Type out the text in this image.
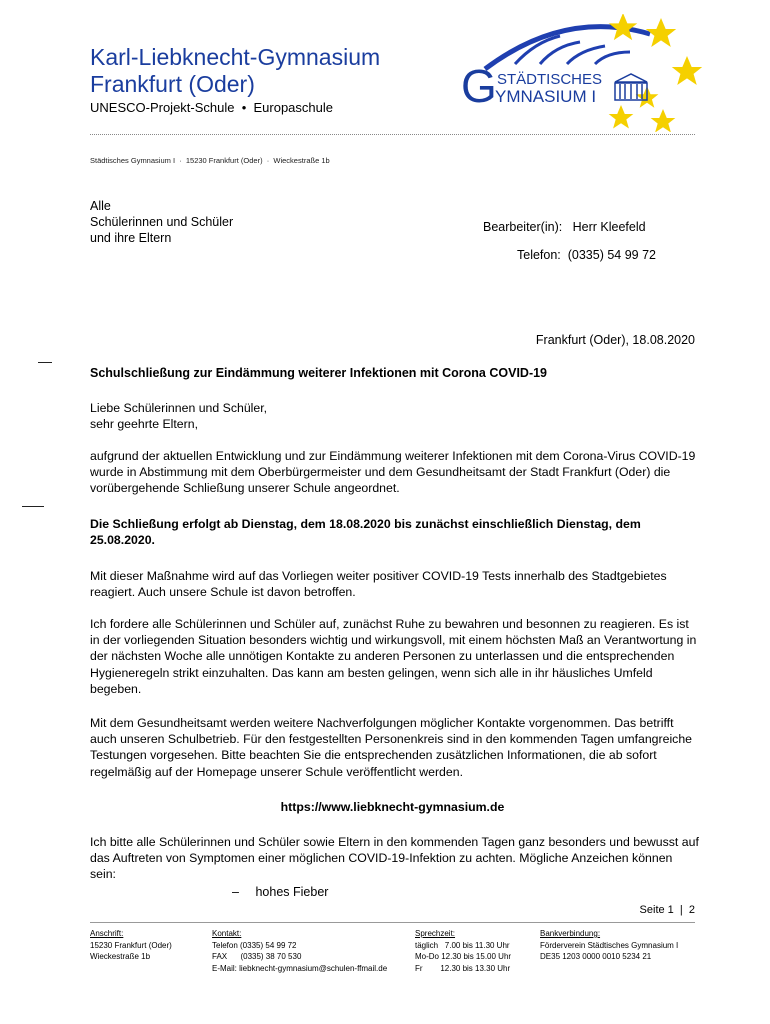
Karl-Liebknecht-Gymnasium
Frankfurt (Oder)
UNESCO-Projekt-Schule  •  Europaschule	G STÄDTISCHES
YMNASIUM I
Städtisches Gymnasium I  ·  15230 Frankfurt (Oder)  ·  Wieckestraße 1b
Alle
Schülerinnen und Schüler
und ihre Eltern
Bearbeiter(in):   Herr Kleefeld
Telefon:  (0335) 54 99 72
Frankfurt (Oder), 18.08.2020
Schulschließung zur Eindämmung weiterer Infektionen mit Corona COVID-19

Liebe Schülerinnen und Schüler,
sehr geehrte Eltern,

aufgrund der aktuellen Entwicklung und zur Eindämmung weiterer Infektionen mit dem Corona-Virus COVID-19 wurde in Abstimmung mit dem Oberbürgermeister und dem Gesundheitsamt der Stadt Frankfurt (Oder) die vorübergehende Schließung unserer Schule angeordnet.

Die Schließung erfolgt ab Dienstag, dem 18.08.2020 bis zunächst einschließlich Dienstag, dem 25.08.2020.

Mit dieser Maßnahme wird auf das Vorliegen weiter positiver COVID-19 Tests innerhalb des Stadtgebietes reagiert. Auch unsere Schule ist davon betroffen.

Ich fordere alle Schülerinnen und Schüler auf, zunächst Ruhe zu bewahren und besonnen zu reagieren. Es ist in der vorliegenden Situation besonders wichtig und wirkungsvoll, mit einem höchsten Maß an Verantwortung in der nächsten Woche alle unnötigen Kontakte zu anderen Personen zu unterlassen und die entsprechenden Hygieneregeln strikt einzuhalten. Das kann am besten gelingen, wenn sich alle in ihr häusliches Umfeld begeben.

Mit dem Gesundheitsamt werden weitere Nachverfolgungen möglicher Kontakte vorgenommen. Das betrifft auch unseren Schulbetrieb. Für den festgestellten Personenkreis sind in den kommenden Tagen umfangreiche Testungen vorgesehen. Bitte beachten Sie die entsprechenden zusätzlichen Informationen, die ab sofort regelmäßig auf der Homepage unserer Schule veröffentlicht werden.

https://www.liebknecht-gymnasium.de

Ich bitte alle Schülerinnen und Schüler sowie Eltern in den kommenden Tagen ganz besonders und bewusst auf das Auftreten von Symptomen einer möglichen COVID-19-Infektion zu achten. Mögliche Anzeichen können sein:

– hohes Fieber
Seite 1  |  2
Anschrift:
15230 Frankfurt (Oder)
Wieckestraße 1b
Kontakt:
Telefon (0335) 54 99 72
FAX      (0335) 38 70 530
E-Mail: liebknecht-gymnasium@schulen-ffmail.de
Sprechzeit:
täglich   7.00 bis 11.30 Uhr
Mo-Do 12.30 bis 15.00 Uhr
Fr        12.30 bis 13.30 Uhr
Bankverbindung:
Förderverein Städtisches Gymnasium I
DE35 1203 0000 0010 5234 21
